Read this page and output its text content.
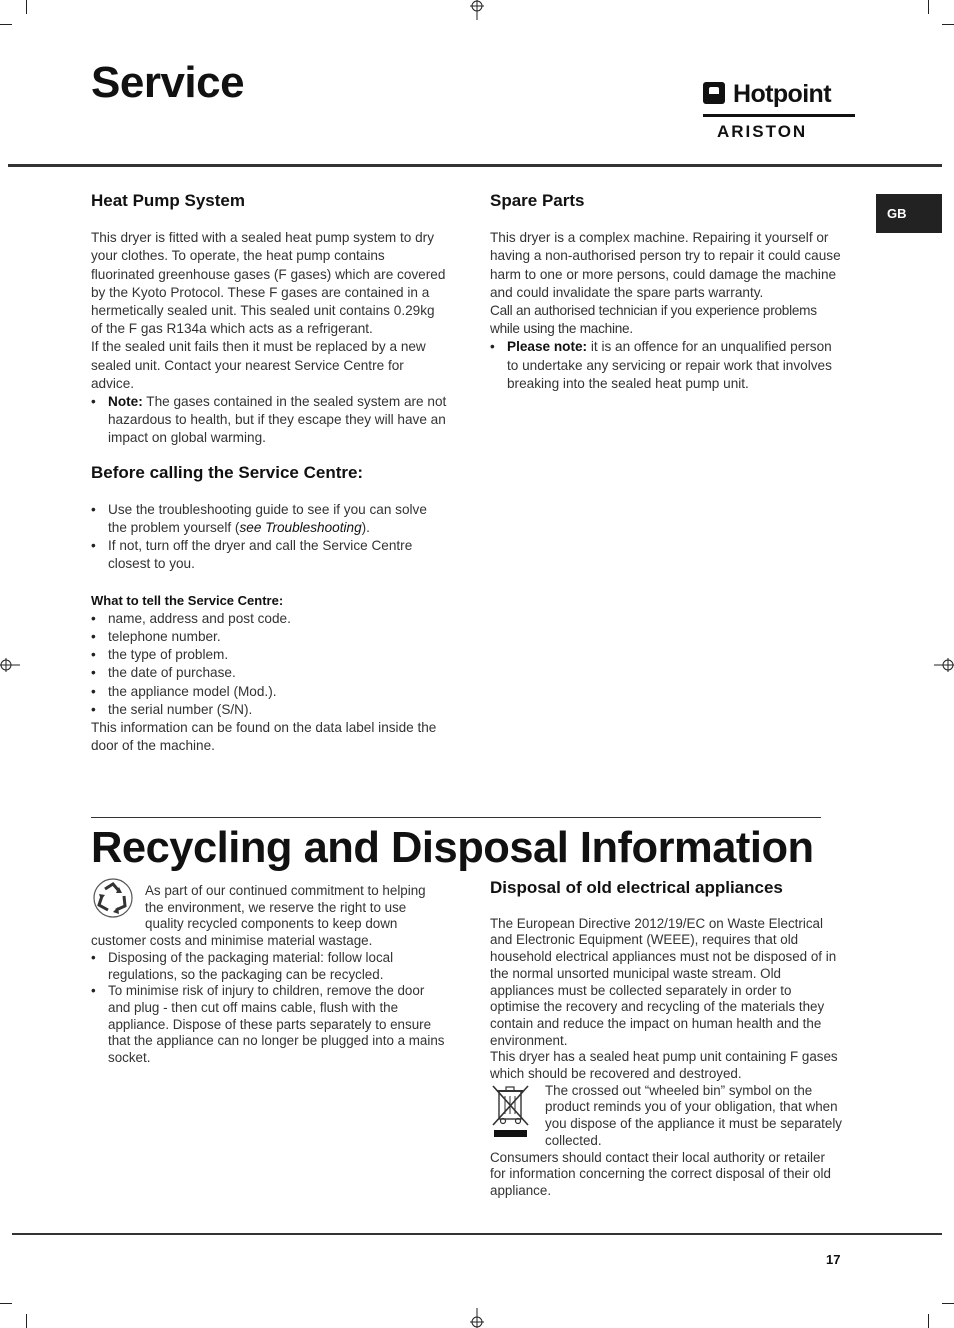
Service	Hotpoint
ARISTON
GB
Heat Pump System

This dryer is fitted with a sealed heat pump system to dry your clothes. To operate, the heat pump contains fluorinated greenhouse gases (F gases) which are covered by the Kyoto Protocol. These F gases are contained in a hermetically sealed unit. This sealed unit contains 0.29kg of the F gas R134a which acts as a refrigerant.

If the sealed unit fails then it must be replaced by a new sealed unit. Contact your nearest Service Centre for advice.

• Note: The gases contained in the sealed system are not hazardous to health, but if they escape they will have an impact on global warming.
Before calling the Service Centre:
• Use the troubleshooting guide to see if you can solve the problem yourself (see Troubleshooting).
• If not, turn off the dryer and call the Service Centre closest to you.

What to tell the Service Centre:

• name, address and post code.
• telephone number.
• the type of problem.
• the date of purchase.
• the appliance model (Mod.).
• the serial number (S/N).

This information can be found on the data label inside the door of the machine.

Spare Parts

This dryer is a complex machine. Repairing it yourself or having a non-authorised person try to repair it could cause harm to one or more persons, could damage the machine and could invalidate the spare parts warranty.

Call an authorised technician if you experience problems while using the machine.

• Please note: it is an offence for an unqualified person to undertake any servicing or repair work that involves breaking into the sealed heat pump unit.
Recycling and Disposal Information

As part of our continued commitment to helping the environment, we reserve the right to use quality recycled components to keep down customer costs and minimise material wastage.

• Disposing of the packaging material: follow local regulations, so the packaging can be recycled.
• To minimise risk of injury to children, remove the door and plug - then cut off mains cable, flush with the appliance. Dispose of these parts separately to ensure that the appliance can no longer be plugged into a mains socket.
Disposal of old electrical appliances

The European Directive 2012/19/EC on Waste Electrical and Electronic Equipment (WEEE), requires that old household electrical appliances must not be disposed of in the normal unsorted municipal waste stream. Old appliances must be collected separately in order to optimise the recovery and recycling of the materials they contain and reduce the impact on human health and the environment.

This dryer has a sealed heat pump unit containing F gases which should be recovered and destroyed.

The crossed out “wheeled bin” symbol on the product reminds you of your obligation, that when you dispose of the appliance it must be separately collected.

Consumers should contact their local authority or retailer for information concerning the correct disposal of their old appliance.

17
